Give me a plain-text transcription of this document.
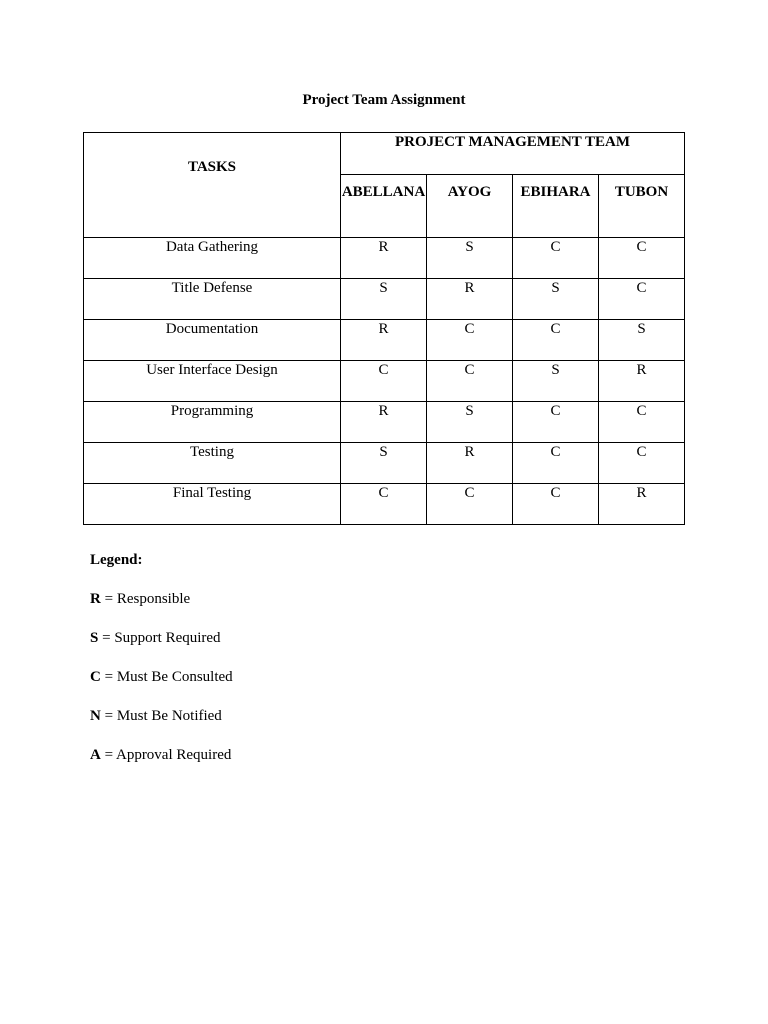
Project Team Assignment
TASKS	PROJECT MANAGEMENT TEAM			
	ABELLANA	AYOG	EBIHARA	TUBON
Data Gathering	R	S	C	C
Title Defense	S	R	S	C
Documentation	R	C	C	S
User Interface Design	C	C	S	R
Programming	R	S	C	C
Testing	S	R	C	C
Final Testing	C	C	C	R
Legend:
R = Responsible
S = Support Required
C = Must Be Consulted
N = Must Be Notified
A = Approval Required
